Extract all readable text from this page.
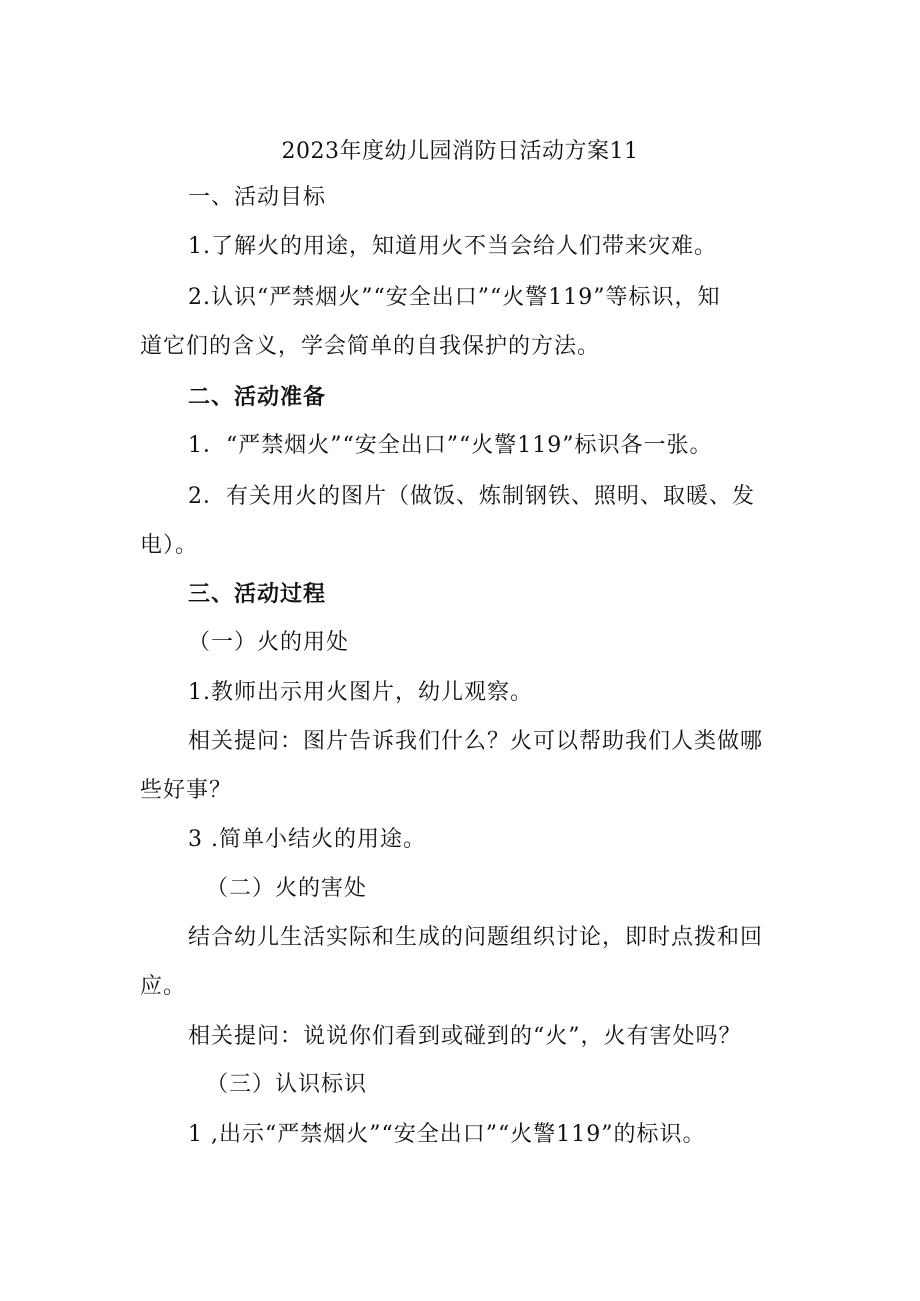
2023年度幼儿园消防日活动方案11
一、活动目标
1.了解火的用途，知道用火不当会给人们带来灾难。
2.认识“严禁烟火”“安全出口”“火警119”等标识，知
道它们的含义，学会简单的自我保护的方法。
二、活动准备
1．“严禁烟火”“安全出口”“火警119”标识各一张。
2．有关用火的图片（做饭、炼制钢铁、照明、取暖、发
电）。
三、活动过程
（一）火的用处
1.教师出示用火图片，幼儿观察。
相关提问：图片告诉我们什么？火可以帮助我们人类做哪
些好事？
3 .简单小结火的用途。
（二）火的害处
结合幼儿生活实际和生成的问题组织讨论，即时点拨和回
应。
相关提问：说说你们看到或碰到的“火”，火有害处吗？
（三）认识标识
1 ,出示“严禁烟火”“安全出口”“火警119”的标识。
